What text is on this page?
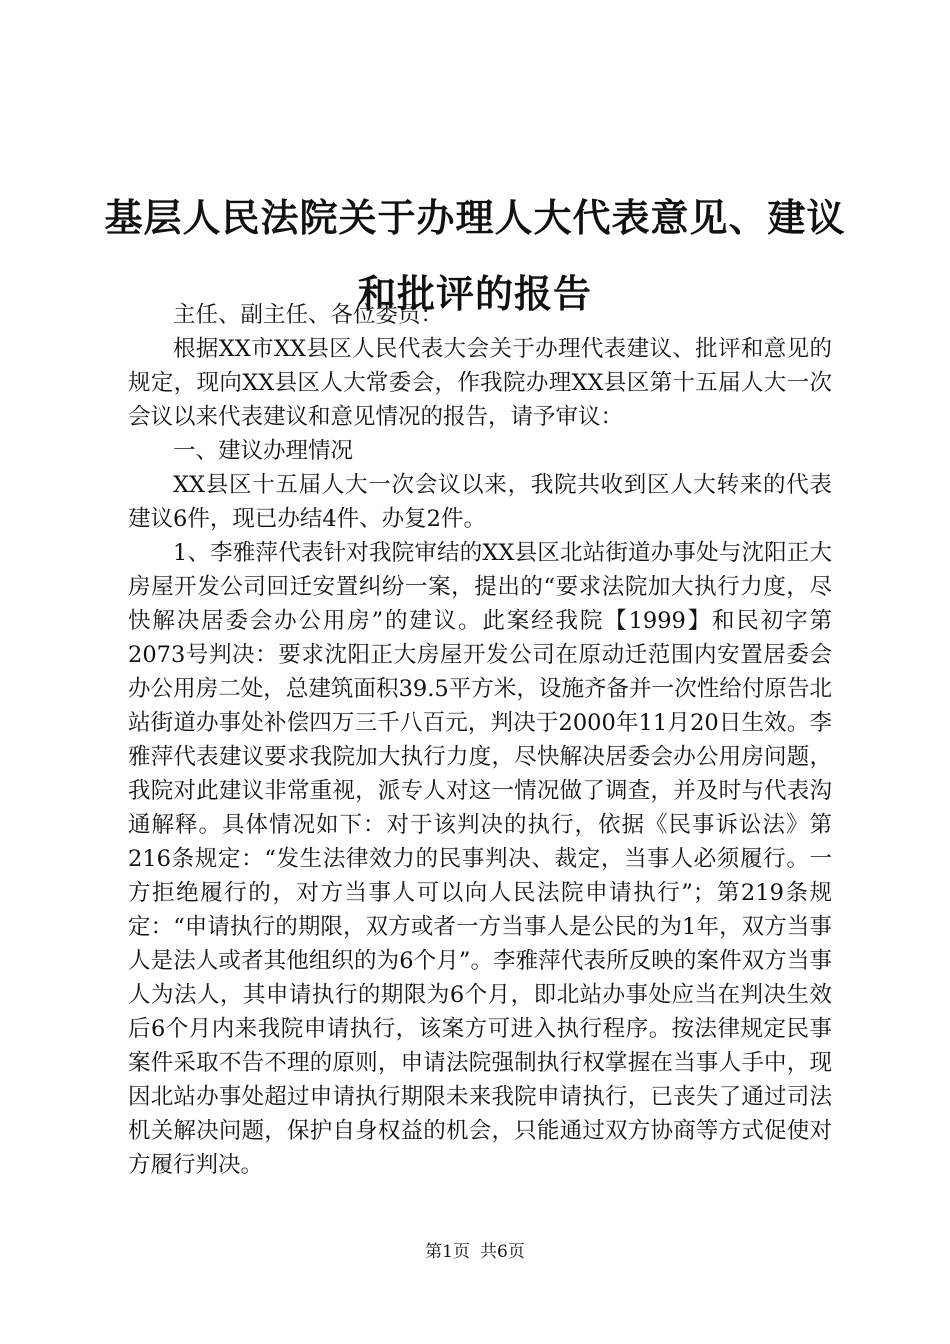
基层人民法院关于办理人大代表意见、建议和批评的报告

主任、副主任、各位委员：

根据XX市XX县区人民代表大会关于办理代表建议、批评和意见的规定，现向XX县区人大常委会，作我院办理XX县区第十五届人大一次会议以来代表建议和意见情况的报告，请予审议：

一、建议办理情况

XX县区十五届人大一次会议以来，我院共收到区人大转来的代表建议6件，现已办结4件、办复2件。

1、李雅萍代表针对我院审结的XX县区北站街道办事处与沈阳正大房屋开发公司回迁安置纠纷一案，提出的“要求法院加大执行力度，尽快解决居委会办公用房”的建议。此案经我院【1999】和民初字第2073号判决：要求沈阳正大房屋开发公司在原动迁范围内安置居委会办公用房二处，总建筑面积39.5平方米，设施齐备并一次性给付原告北站街道办事处补偿四万三千八百元，判决于2000年11月20日生效。李雅萍代表建议要求我院加大执行力度，尽快解决居委会办公用房问题，我院对此建议非常重视，派专人对这一情况做了调查，并及时与代表沟通解释。具体情况如下：对于该判决的执行，依据《民事诉讼法》第216条规定：“发生法律效力的民事判决、裁定，当事人必须履行。一方拒绝履行的，对方当事人可以向人民法院申请执行”；第219条规定：“申请执行的期限，双方或者一方当事人是公民的为1年，双方当事人是法人或者其他组织的为6个月”。李雅萍代表所反映的案件双方当事人为法人，其申请执行的期限为6个月，即北站办事处应当在判决生效后6个月内来我院申请执行，该案方可进入执行程序。按法律规定民事案件采取不告不理的原则，申请法院强制执行权掌握在当事人手中，现因北站办事处超过申请执行期限未来我院申请执行，已丧失了通过司法机关解决问题，保护自身权益的机会，只能通过双方协商等方式促使对方履行判决。

第1页 共6页
